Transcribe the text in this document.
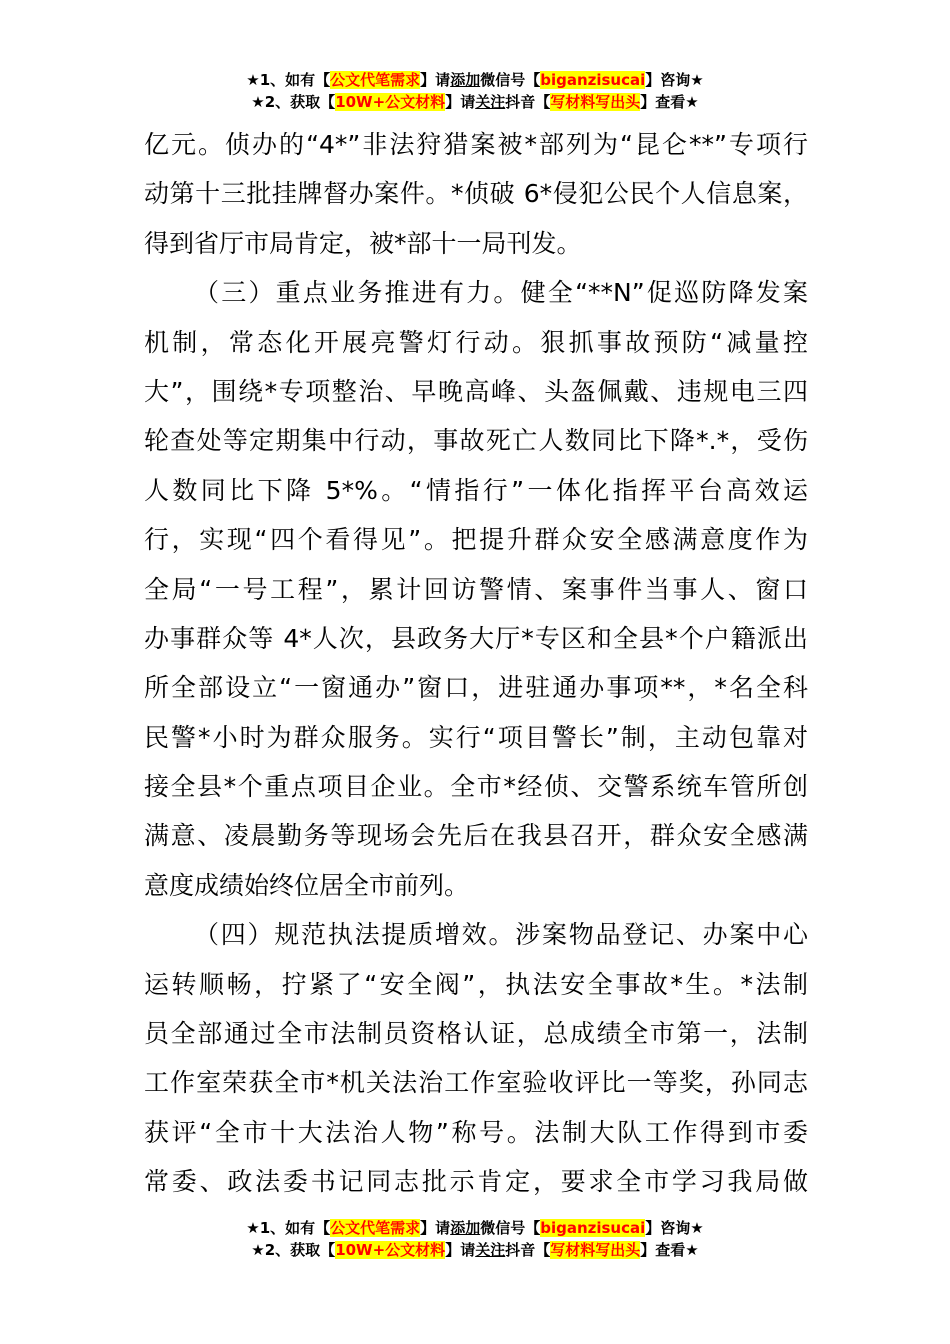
★1、如有【公文代笔需求】请添加微信号【biganzisucai】咨询★
★2、获取【10W+公文材料】请关注抖音【写材料写出头】查看★
亿元。侦办的“4*”非法狩猎案被*部列为“昆仑**”专项行
动第十三批挂牌督办案件。*侦破 6*侵犯公民个人信息案，
得到省厅市局肯定，被*部十一局刊发。
（三）重点业务推进有力。健全“**N”促巡防降发案
机制，常态化开展亮警灯行动。狠抓事故预防“减量控
大”，围绕*专项整治、早晚高峰、头盔佩戴、违规电三四
轮查处等定期集中行动，事故死亡人数同比下降*.*，受伤
人数同比下降 5*%。“情指行”一体化指挥平台高效运
行，实现“四个看得见”。把提升群众安全感满意度作为
全局“一号工程”，累计回访警情、案事件当事人、窗口
办事群众等 4*人次，县政务大厅*专区和全县*个户籍派出
所全部设立“一窗通办”窗口，进驻通办事项**，*名全科
民警*小时为群众服务。实行“项目警长”制，主动包靠对
接全县*个重点项目企业。全市*经侦、交警系统车管所创
满意、凌晨勤务等现场会先后在我县召开，群众安全感满
意度成绩始终位居全市前列。
（四）规范执法提质增效。涉案物品登记、办案中心
运转顺畅，拧紧了“安全阀”，执法安全事故*生。*法制
员全部通过全市法制员资格认证，总成绩全市第一，法制
工作室荣获全市*机关法治工作室验收评比一等奖，孙同志
获评“全市十大法治人物”称号。法制大队工作得到市委
常委、政法委书记同志批示肯定，要求全市学习我局做
★1、如有【公文代笔需求】请添加微信号【biganzisucai】咨询★
★2、获取【10W+公文材料】请关注抖音【写材料写出头】查看★
